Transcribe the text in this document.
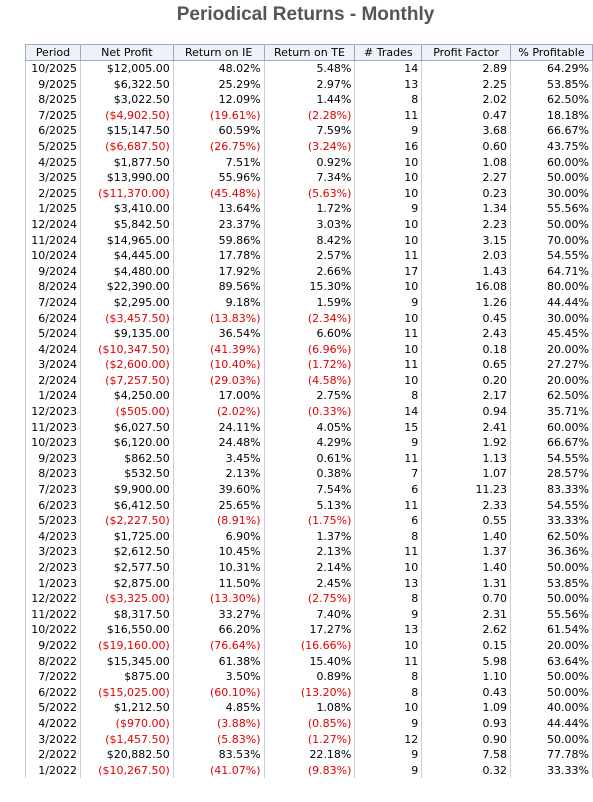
Periodical Returns - Monthly
Period	Net Profit	Return on IE	Return on TE	# Trades	Profit Factor	% Profitable
10/2025	$12,005.00	48.02%	5.48%	14	2.89	64.29%
9/2025	$6,322.50	25.29%	2.97%	13	2.25	53.85%
8/2025	$3,022.50	12.09%	1.44%	8	2.02	62.50%
7/2025	($4,902.50)	(19.61%)	(2.28%)	11	0.47	18.18%
6/2025	$15,147.50	60.59%	7.59%	9	3.68	66.67%
5/2025	($6,687.50)	(26.75%)	(3.24%)	16	0.60	43.75%
4/2025	$1,877.50	7.51%	0.92%	10	1.08	60.00%
3/2025	$13,990.00	55.96%	7.34%	10	2.27	50.00%
2/2025	($11,370.00)	(45.48%)	(5.63%)	10	0.23	30.00%
1/2025	$3,410.00	13.64%	1.72%	9	1.34	55.56%
12/2024	$5,842.50	23.37%	3.03%	10	2.23	50.00%
11/2024	$14,965.00	59.86%	8.42%	10	3.15	70.00%
10/2024	$4,445.00	17.78%	2.57%	11	2.03	54.55%
9/2024	$4,480.00	17.92%	2.66%	17	1.43	64.71%
8/2024	$22,390.00	89.56%	15.30%	10	16.08	80.00%
7/2024	$2,295.00	9.18%	1.59%	9	1.26	44.44%
6/2024	($3,457.50)	(13.83%)	(2.34%)	10	0.45	30.00%
5/2024	$9,135.00	36.54%	6.60%	11	2.43	45.45%
4/2024	($10,347.50)	(41.39%)	(6.96%)	10	0.18	20.00%
3/2024	($2,600.00)	(10.40%)	(1.72%)	11	0.65	27.27%
2/2024	($7,257.50)	(29.03%)	(4.58%)	10	0.20	20.00%
1/2024	$4,250.00	17.00%	2.75%	8	2.17	62.50%
12/2023	($505.00)	(2.02%)	(0.33%)	14	0.94	35.71%
11/2023	$6,027.50	24.11%	4.05%	15	2.41	60.00%
10/2023	$6,120.00	24.48%	4.29%	9	1.92	66.67%
9/2023	$862.50	3.45%	0.61%	11	1.13	54.55%
8/2023	$532.50	2.13%	0.38%	7	1.07	28.57%
7/2023	$9,900.00	39.60%	7.54%	6	11.23	83.33%
6/2023	$6,412.50	25.65%	5.13%	11	2.33	54.55%
5/2023	($2,227.50)	(8.91%)	(1.75%)	6	0.55	33.33%
4/2023	$1,725.00	6.90%	1.37%	8	1.40	62.50%
3/2023	$2,612.50	10.45%	2.13%	11	1.37	36.36%
2/2023	$2,577.50	10.31%	2.14%	10	1.40	50.00%
1/2023	$2,875.00	11.50%	2.45%	13	1.31	53.85%
12/2022	($3,325.00)	(13.30%)	(2.75%)	8	0.70	50.00%
11/2022	$8,317.50	33.27%	7.40%	9	2.31	55.56%
10/2022	$16,550.00	66.20%	17.27%	13	2.62	61.54%
9/2022	($19,160.00)	(76.64%)	(16.66%)	10	0.15	20.00%
8/2022	$15,345.00	61.38%	15.40%	11	5.98	63.64%
7/2022	$875.00	3.50%	0.89%	8	1.10	50.00%
6/2022	($15,025.00)	(60.10%)	(13.20%)	8	0.43	50.00%
5/2022	$1,212.50	4.85%	1.08%	10	1.09	40.00%
4/2022	($970.00)	(3.88%)	(0.85%)	9	0.93	44.44%
3/2022	($1,457.50)	(5.83%)	(1.27%)	12	0.90	50.00%
2/2022	$20,882.50	83.53%	22.18%	9	7.58	77.78%
1/2022	($10,267.50)	(41.07%)	(9.83%)	9	0.32	33.33%
